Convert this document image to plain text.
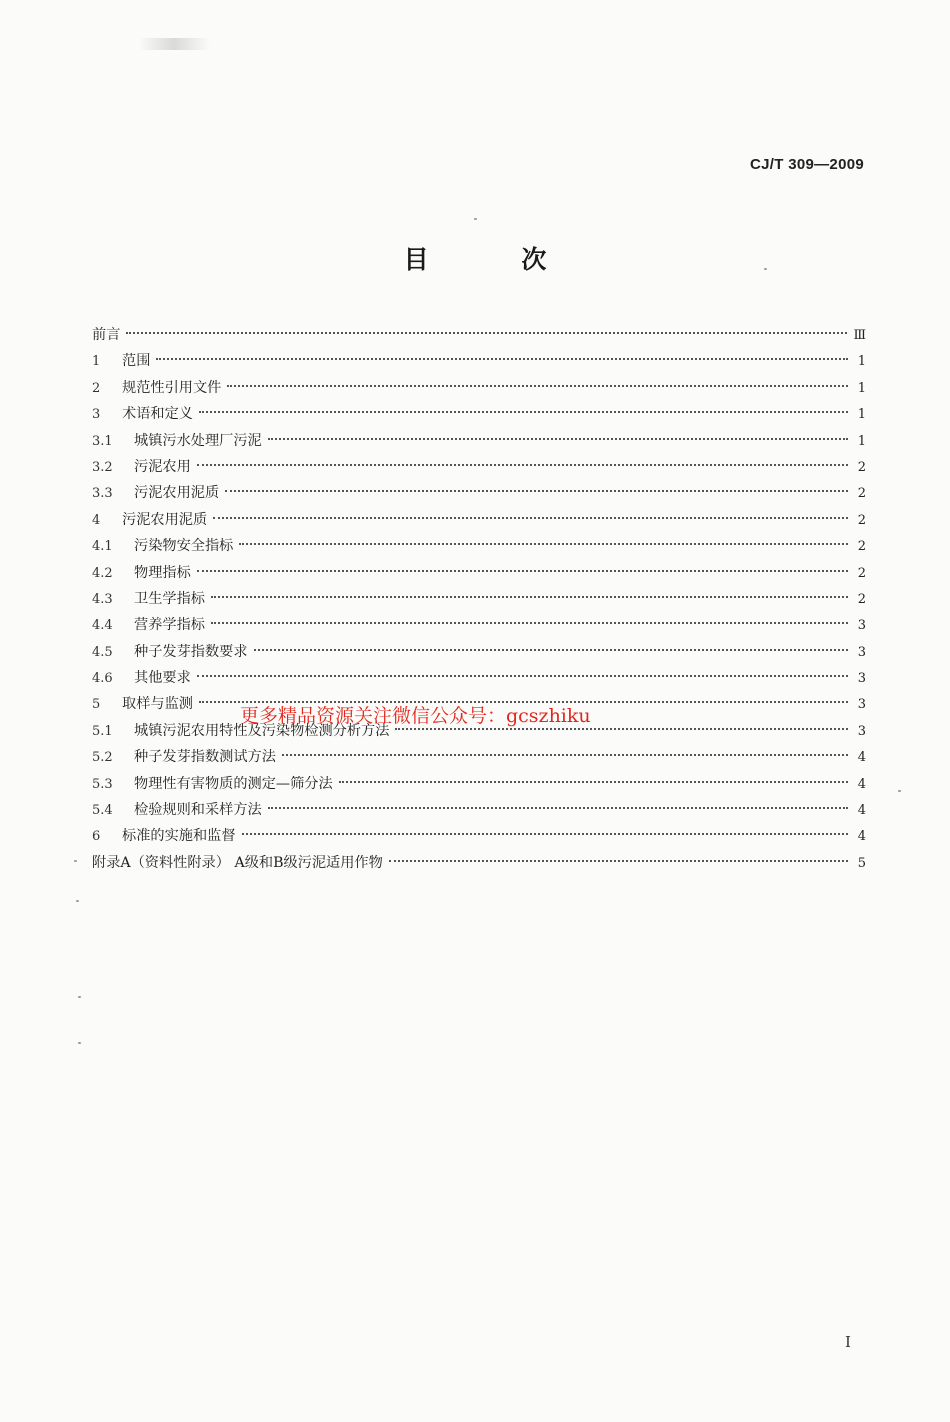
CJ/T 309—2009
目 次
前言	Ⅲ
1	范围	1
2	规范性引用文件	1
3	术语和定义	1
3.1	城镇污水处理厂污泥	1
3.2	污泥农用	2
3.3	污泥农用泥质	2
4	污泥农用泥质	2
4.1	污染物安全指标	2
4.2	物理指标	2
4.3	卫生学指标	2
4.4	营养学指标	3
4.5	种子发芽指数要求	3
4.6	其他要求	3
5	取样与监测	3
5.1	城镇污泥农用特性及污染物检测分析方法	3
5.2	种子发芽指数测试方法	4
5.3	物理性有害物质的测定—筛分法	4
5.4	检验规则和采样方法	4
6	标准的实施和监督	4
附录A（资料性附录） A级和B级污泥适用作物	5
更多精品资源关注微信公众号：gcszhiku
I
